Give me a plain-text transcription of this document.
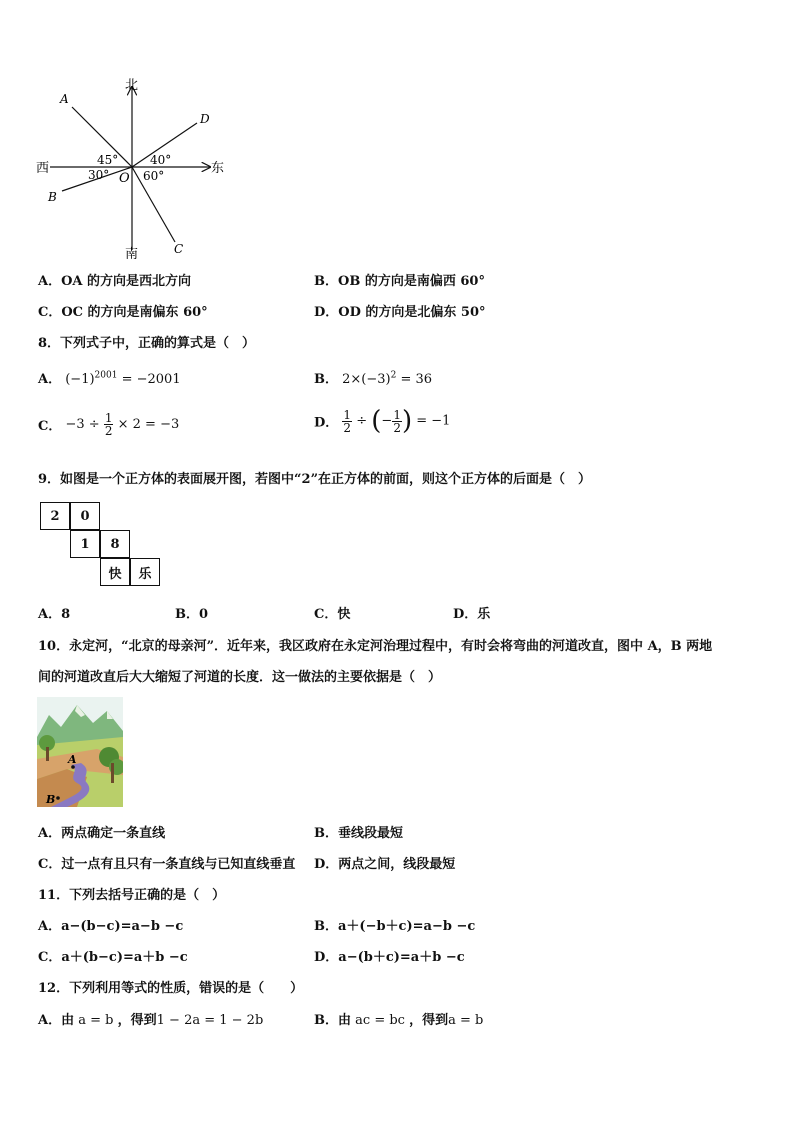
北
南
西	东
O
A
B
C
D
45°	40°
30°	60°
A．OA 的方向是西北方向	B．OB 的方向是南偏西 60°
C．OC 的方向是南偏东 60°	D．OD 的方向是北偏东 50°
8．下列式子中，正确的算式是（　）
A． $(-1)^{2001} = -2001$	B． $2\times(-3)^2 = 36$
C． $-3 \div \frac{1}{2} \times 2 = -3$	D． $\frac{1}{2}$ ÷ (− $\frac{1}{2}$ ) = −1
9．如图是一个正方体的表面展开图，若图中“2”在正方体的前面，则这个正方体的后面是（　）
2	0
1	8
快	乐
A．8	B．0	C．快	D．乐
10．永定河，“北京的母亲河”．近年来，我区政府在永定河治理过程中，有时会将弯曲的河道改直，图中 A，B 两地
间的河道改直后大大缩短了河道的长度．这一做法的主要依据是（　）
A
B
A．两点确定一条直线	B．垂线段最短
C．过一点有且只有一条直线与已知直线垂直 D．两点之间，线段最短
11．下列去括号正确的是（　）
A．a−(b−c)=a−b −c	B．a＋(−b＋c)=a−b −c
C．a＋(b−c)=a＋b −c	D．a−(b＋c)=a＋b −c
12．下列利用等式的性质，错误的是（　　）
A．由 a = b ，得到1 − 2a = 1 − 2b	B．由 ac = bc ，得到a = b
